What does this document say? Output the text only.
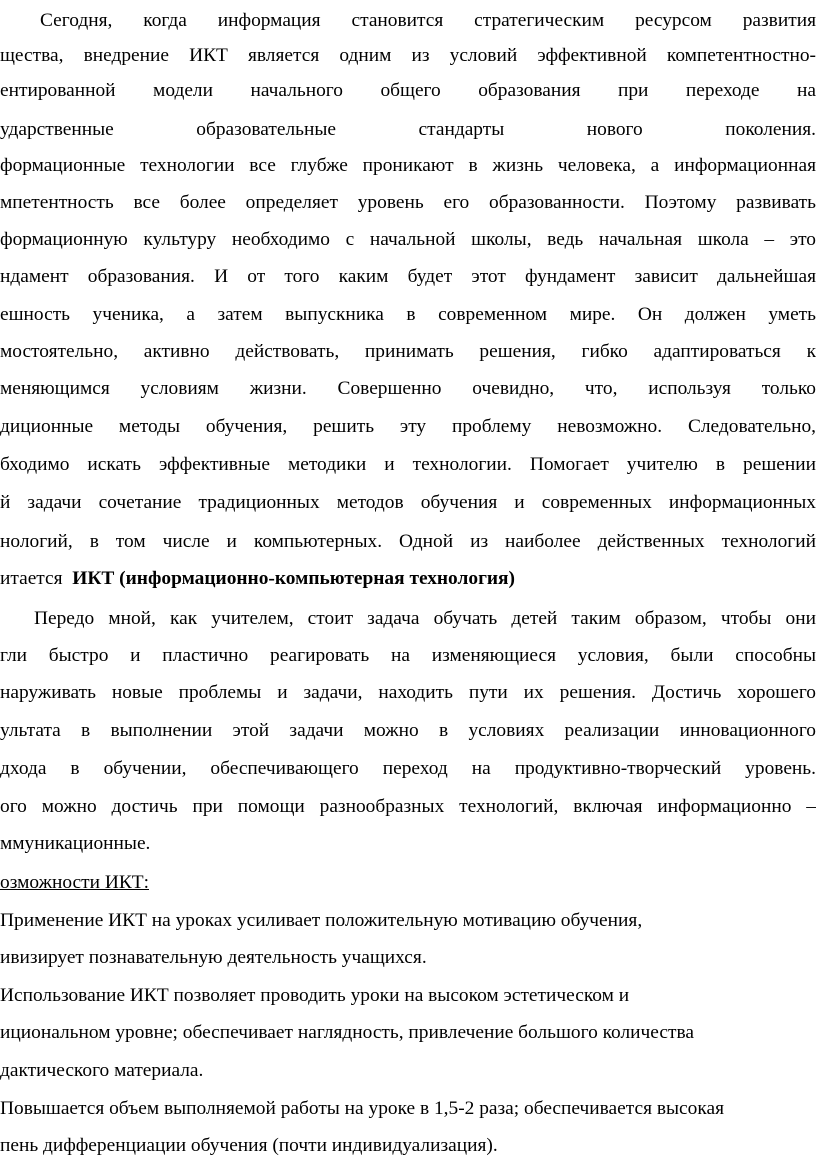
Сегодня, когда информация становится стратегическим ресурсом развития
щества, внедрение ИКТ является одним из условий эффективной компетентностно-
ентированной модели начального общего образования при переходе на
ударственные образовательные стандарты нового поколения.
формационные технологии все глубже проникают в жизнь человека, а информационная
мпетентность все более определяет уровень его образованности. Поэтому развивать
формационную культуру необходимо с начальной школы, ведь начальная школа – это
ндамент образования. И от того каким будет этот фундамент зависит дальнейшая
ешность ученика, а затем выпускника в современном мире. Он должен уметь
мостоятельно, активно действовать, принимать решения, гибко адаптироваться к
меняющимся условиям жизни. Совершенно очевидно, что, используя только
диционные методы обучения, решить эту проблему невозможно. Следовательно,
бходимо искать эффективные методики и технологии. Помогает учителю в решении
й задачи сочетание традиционных методов обучения и современных информационных
нологий, в том числе и компьютерных. Одной из наиболее действенных технологий
итается ИКТ (информационно-компьютерная технология)
Передо мной, как учителем, стоит задача обучать детей таким образом, чтобы они
гли быстро и пластично реагировать на изменяющиеся условия, были способны
наруживать новые проблемы и задачи, находить пути их решения. Достичь хорошего
ультата в выполнении этой задачи можно в условиях реализации инновационного
дхода в обучении, обеспечивающего переход на продуктивно-творческий уровень.
ого можно достичь при помощи разнообразных технологий, включая информационно –
ммуникационные.
озможности ИКТ:
Применение ИКТ на уроках усиливает положительную мотивацию обучения,
ивизирует познавательную деятельность учащихся.
Использование ИКТ позволяет проводить уроки на высоком эстетическом и
ициональном уровне; обеспечивает наглядность, привлечение большого количества
дактического материала.
Повышается объем выполняемой работы на уроке в 1,5-2 раза; обеспечивается высокая
пень дифференциации обучения (почти индивидуализация).
